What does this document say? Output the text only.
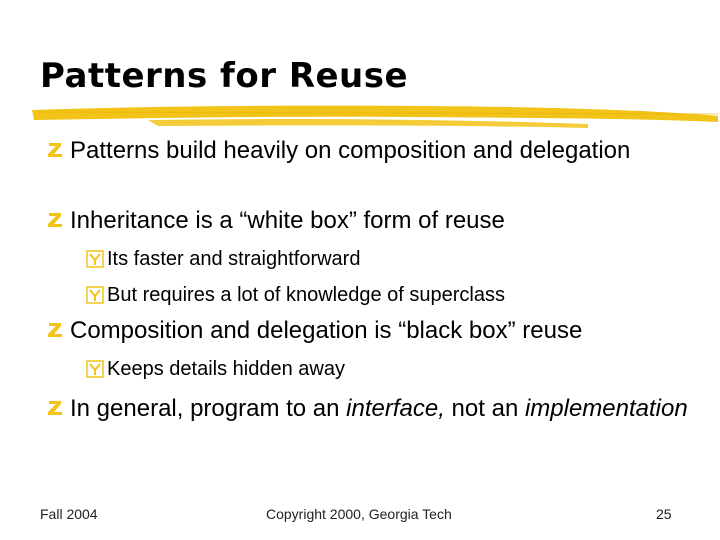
Patterns for Reuse
Patterns build heavily on composition and delegation
Inheritance is a “white box” form of reuse
Its faster and straightforward
But requires a lot of knowledge of superclass
Composition and delegation is “black box” reuse
Keeps details hidden away
In general, program to an interface, not an implementation
Fall 2004	Copyright 2000, Georgia Tech	25
